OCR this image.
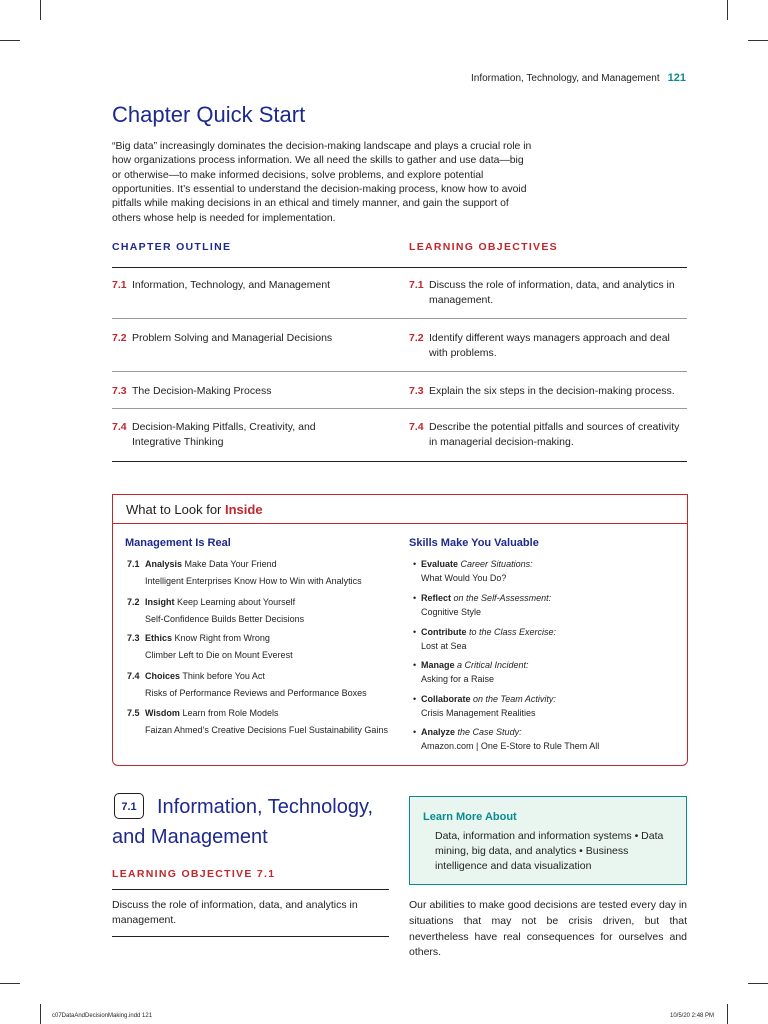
Information, Technology, and Management 121
Chapter Quick Start

“Big data” increasingly dominates the decision-making landscape and plays a crucial role in how organizations process information. We all need the skills to gather and use data—big or otherwise—to make informed decisions, solve problems, and explore potential opportunities. It’s essential to understand the decision-making process, know how to avoid pitfalls while making decisions in an ethical and timely manner, and gain the support of others whose help is needed for implementation.

CHAPTER OUTLINE	LEARNING OBJECTIVES
7.1 Information, Technology, and Management
7.2 Problem Solving and Managerial Decisions
7.3 The Decision-Making Process
7.4 Decision-Making Pitfalls, Creativity, and Integrative Thinking
7.1 Discuss the role of information, data, and analytics in management.
7.2 Identify different ways managers approach and deal with problems.
7.3 Explain the six steps in the decision-making process.
7.4 Describe the potential pitfalls and sources of creativity in managerial decision-making.
What to Look for Inside
Management Is Real
7.1 Analysis Make Data Your Friend
Intelligent Enterprises Know How to Win with Analytics
7.2 Insight Keep Learning about Yourself
Self-Confidence Builds Better Decisions
7.3 Ethics Know Right from Wrong
Climber Left to Die on Mount Everest
7.4 Choices Think before You Act
Risks of Performance Reviews and Performance Boxes
7.5 Wisdom Learn from Role Models
Faizan Ahmed’s Creative Decisions Fuel Sustainability Gains
Skills Make You Valuable
• Evaluate Career Situations:
What Would You Do?
• Reflect on the Self-Assessment:
Cognitive Style
• Contribute to the Class Exercise:
Lost at Sea
• Manage a Critical Incident:
Asking for a Raise
• Collaborate on the Team Activity:
Crisis Management Realities
• Analyze the Case Study:
Amazon.com | One E-Store to Rule Them All
Information, Technology, and Management
7.1
LEARNING OBJECTIVE 7.1
Discuss the role of information, data, and analytics in management.
Learn More About
Data, information and information systems • Data mining, big data, and analytics • Business intelligence and data visualization
Our abilities to make good decisions are tested every day in situations that may not be crisis driven, but that nevertheless have real consequences for ourselves and others.
c07DataAndDecisionMaking.indd 121	10/5/20 2:48 PM
